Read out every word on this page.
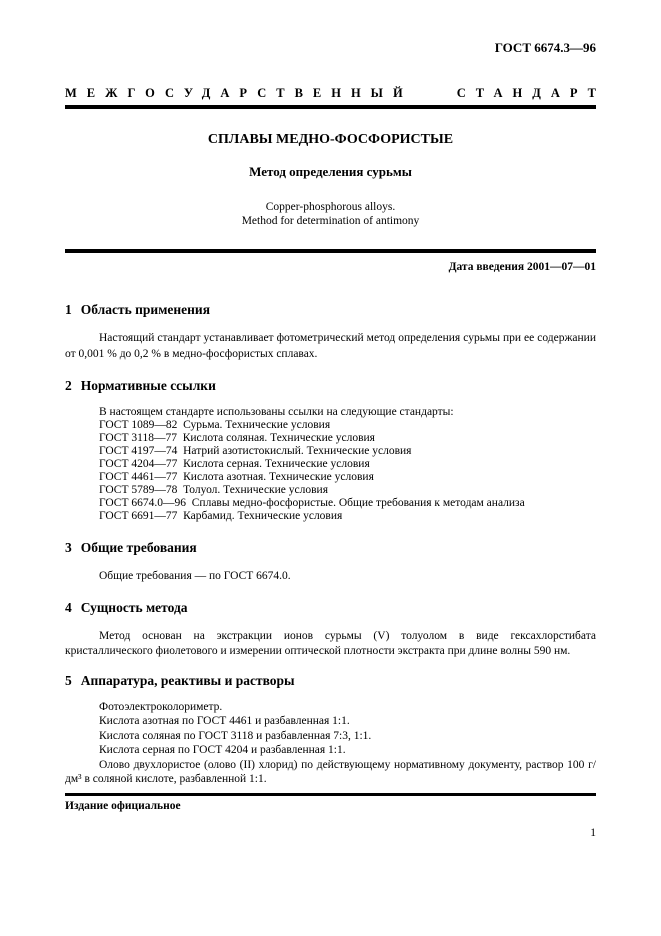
ГОСТ 6674.3—96
МЕЖГОСУДАРСТВЕННЫЙ	СТАНДАРТ
СПЛАВЫ МЕДНО-ФОСФОРИСТЫЕ
Метод определения сурьмы
Copper-phosphorous alloys.
Method for determination of antimony
Дата введения 2001—07—01
1 Область применения
Настоящий стандарт устанавливает фотометрический метод определения сурьмы при ее содержании от 0,001 % до 0,2 % в медно-фосфористых сплавах.
2 Нормативные ссылки
В настоящем стандарте использованы ссылки на следующие стандарты:
ГОСТ 1089—82  Сурьма. Технические условия
ГОСТ 3118—77  Кислота соляная. Технические условия
ГОСТ 4197—74  Натрий азотистокислый. Технические условия
ГОСТ 4204—77  Кислота серная. Технические условия
ГОСТ 4461—77  Кислота азотная. Технические условия
ГОСТ 5789—78  Толуол. Технические условия
ГОСТ 6674.0—96  Сплавы медно-фосфористые. Общие требования к методам анализа
ГОСТ 6691—77  Карбамид. Технические условия
3 Общие требования
Общие требования — по ГОСТ 6674.0.
4 Сущность метода
Метод основан на экстракции ионов сурьмы (V) толуолом в виде гексахлорстибата кристаллического фиолетового и измерении оптической плотности экстракта при длине волны 590 нм.
5 Аппаратура, реактивы и растворы
Фотоэлектроколориметр.
Кислота азотная по ГОСТ 4461 и разбавленная 1:1.
Кислота соляная по ГОСТ 3118 и разбавленная 7:3, 1:1.
Кислота серная по ГОСТ 4204 и разбавленная 1:1.
Олово двухлористое (олово (II) хлорид) по действующему нормативному документу, раствор 100 г/дм³ в соляной кислоте, разбавленной 1:1.
Издание официальное
1
